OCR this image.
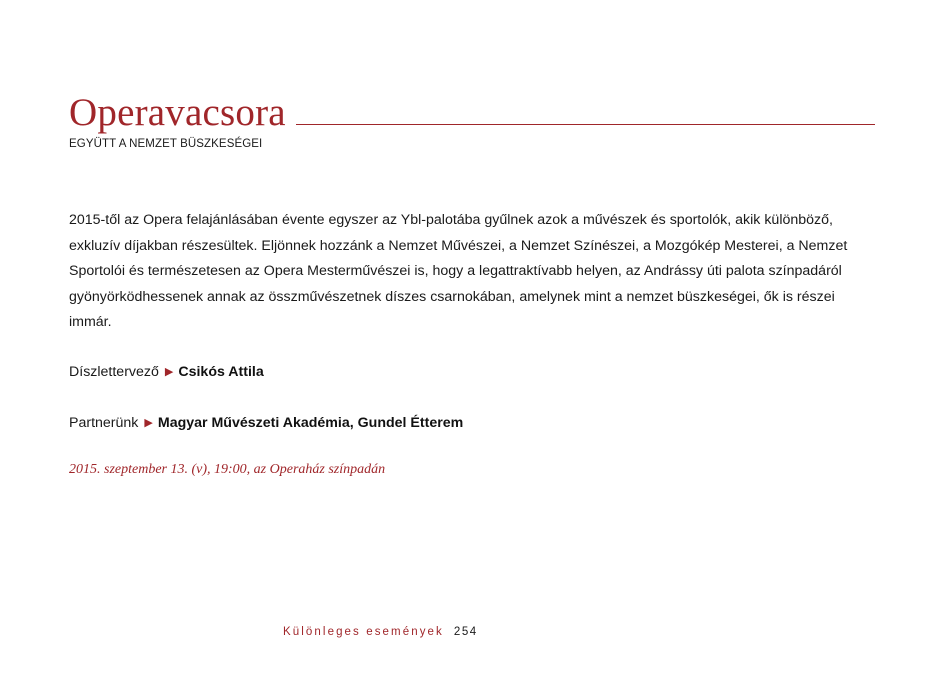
Operavacsora
EGYÜTT A NEMZET BÜSZKESÉGEI

2015-től az Opera felajánlásában évente egyszer az Ybl-palotába gyűlnek azok a művészek és sportolók, akik különböző, exkluzív díjakban részesültek. Eljönnek hozzánk a Nemzet Művészei, a Nemzet Színészei, a Mozgókép Mesterei, a Nemzet Sportolói és természetesen az Opera Mesterművészei is, hogy a legattraktívabb helyen, az Andrássy úti palota színpadáról gyönyörködhessenek annak az összművészetnek díszes csarnokában, amelynek mint a nemzet büszkeségei, ők is részei immár.

Díszlettervező ▶ Csikós Attila
Partnerünk ▶ Magyar Művészeti Akadémia, Gundel Étterem
2015. szeptember 13. (v), 19:00, az Operaház színpadán
Különleges események 254
